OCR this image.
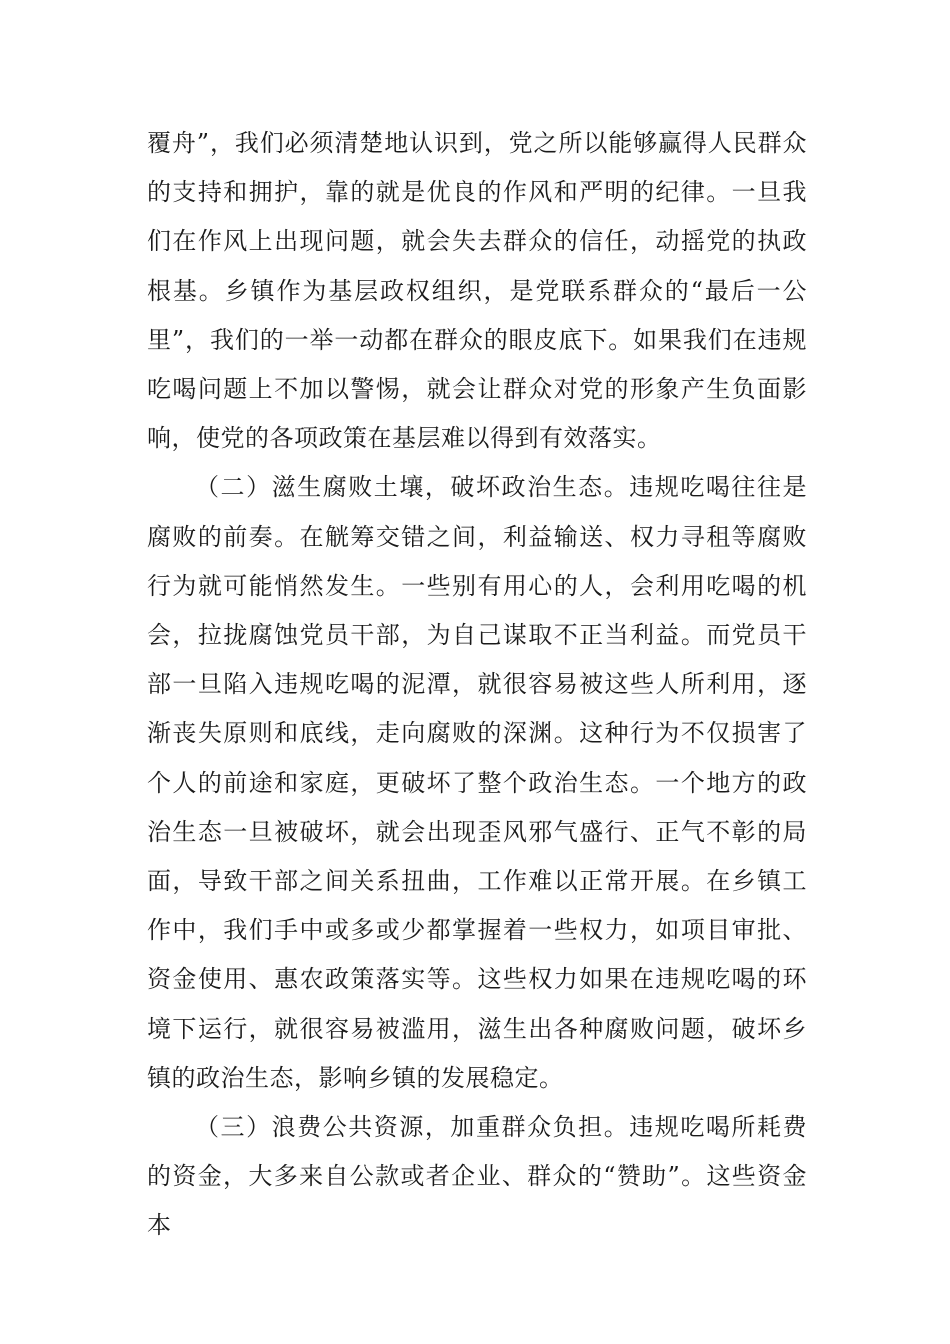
覆舟”，我们必须清楚地认识到，党之所以能够赢得人民群众的支持和拥护，靠的就是优良的作风和严明的纪律。一旦我们在作风上出现问题，就会失去群众的信任，动摇党的执政根基。乡镇作为基层政权组织，是党联系群众的“最后一公里”，我们的一举一动都在群众的眼皮底下。如果我们在违规吃喝问题上不加以警惕，就会让群众对党的形象产生负面影响，使党的各项政策在基层难以得到有效落实。

（二）滋生腐败土壤，破坏政治生态。违规吃喝往往是腐败的前奏。在觥筹交错之间，利益输送、权力寻租等腐败行为就可能悄然发生。一些别有用心的人，会利用吃喝的机会，拉拢腐蚀党员干部，为自己谋取不正当利益。而党员干部一旦陷入违规吃喝的泥潭，就很容易被这些人所利用，逐渐丧失原则和底线，走向腐败的深渊。这种行为不仅损害了个人的前途和家庭，更破坏了整个政治生态。一个地方的政治生态一旦被破坏，就会出现歪风邪气盛行、正气不彰的局面，导致干部之间关系扭曲，工作难以正常开展。在乡镇工作中，我们手中或多或少都掌握着一些权力，如项目审批、资金使用、惠农政策落实等。这些权力如果在违规吃喝的环境下运行，就很容易被滥用，滋生出各种腐败问题，破坏乡镇的政治生态，影响乡镇的发展稳定。

（三）浪费公共资源，加重群众负担。违规吃喝所耗费的资金，大多来自公款或者企业、群众的“赞助”。这些资金本
